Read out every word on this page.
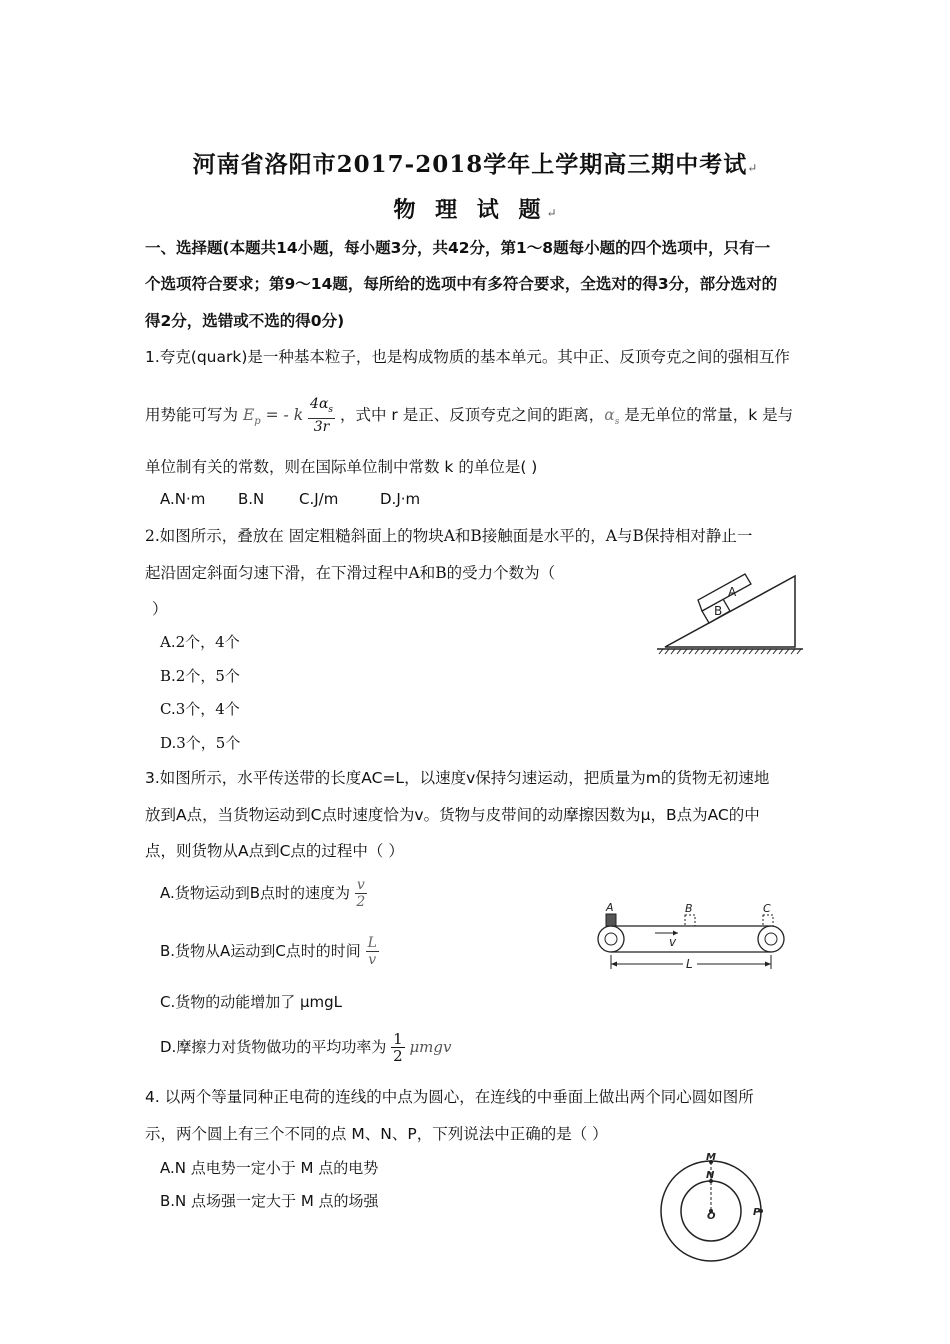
河南省洛阳市2017-2018学年上学期高三期中考试↵
物 理 试 题↵
一、选择题(本题共14小题，每小题3分，共42分，第1～8题每小题的四个选项中，只有一
个选项符合要求；第9～14题，每所给的选项中有多符合要求，全选对的得3分，部分选对的
得2分，选错或不选的得0分)
1.夸克(quark)是一种基本粒子，也是构成物质的基本单元。其中正、反顶夸克之间的强相互作
用势能可写为 $E_p$ = - k $\frac{4\alpha_s}{3r}$ ，式中 r 是正、反顶夸克之间的距离，$\alpha_s$ 是无单位的常量，k 是与
单位制有关的常数，则在国际单位制中常数 k 的单位是( )
A.N·m B.N C.J/m	D.J·m
2.如图所示，叠放在 固定粗糙斜面上的物块A和B接触面是水平的，A与B保持相对静止一
起沿固定斜面匀速下滑，在下滑过程中A和B的受力个数为（
）
A.2个，4个
B.2个，5个
C.3个，4个
D.3个，5个
A
B
3.如图所示，水平传送带的长度AC=L，以速度v保持匀速运动，把质量为m的货物无初速地
放到A点，当货物运动到C点时速度恰为v。货物与皮带间的动摩擦因数为μ，B点为AC的中
点，则货物从A点到C点的过程中（ ）
A.货物运动到B点时的速度为 $\frac{v}{2}$
B.货物从A运动到C点时的时间 $\frac{L}{v}$
C.货物的动能增加了 μmgL
D.摩擦力对货物做功的平均功率为 $\frac{1}{2}$ μmgv
A	B	C
v
L
4. 以两个等量同种正电荷的连线的中点为圆心，在连线的中垂面上做出两个同心圆如图所
示，两个圆上有三个不同的点 M、N、P，下列说法中正确的是（ ）
A.N 点电势一定小于 M 点的电势
B.N 点场强一定大于 M 点的场强
M
N
O	P
